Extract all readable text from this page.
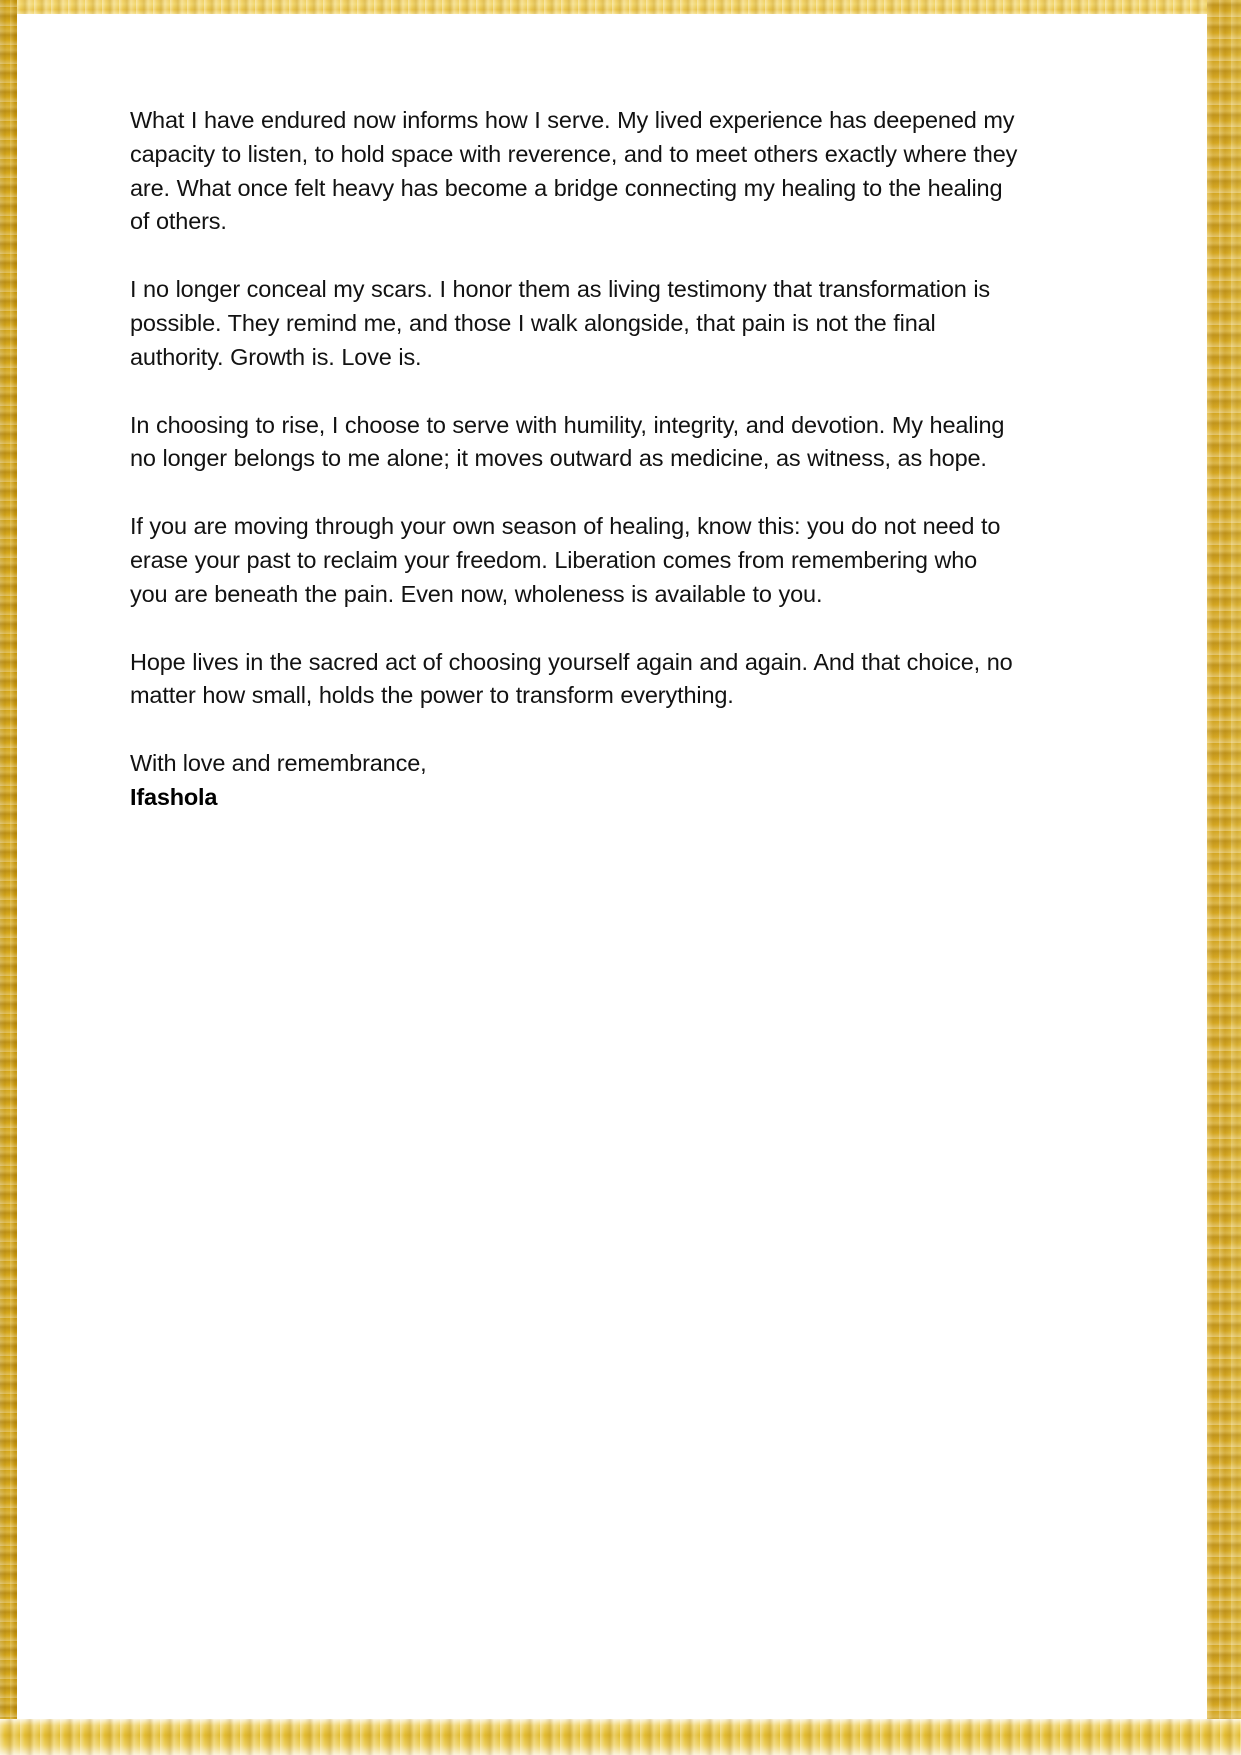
What I have endured now informs how I serve. My lived experience has deepened my capacity to listen, to hold space with reverence, and to meet others exactly where they are. What once felt heavy has become a bridge connecting my healing to the healing of others.

I no longer conceal my scars. I honor them as living testimony that transformation is possible. They remind me, and those I walk alongside, that pain is not the final authority. Growth is. Love is.

In choosing to rise, I choose to serve with humility, integrity, and devotion. My healing no longer belongs to me alone; it moves outward as medicine, as witness, as hope.

If you are moving through your own season of healing, know this: you do not need to erase your past to reclaim your freedom. Liberation comes from remembering who you are beneath the pain. Even now, wholeness is available to you.

Hope lives in the sacred act of choosing yourself again and again. And that choice, no matter how small, holds the power to transform everything.

With love and remembrance,
Ifashola
